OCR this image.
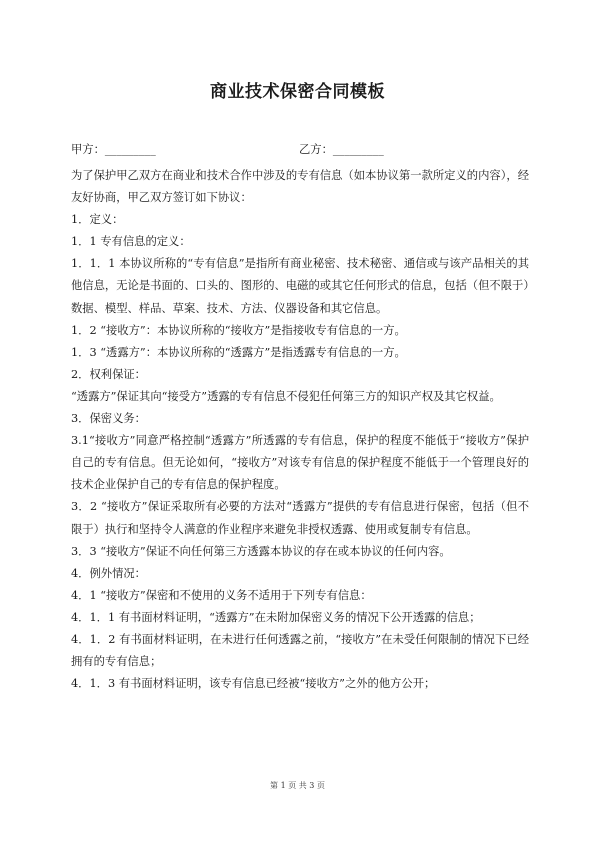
商业技术保密合同模板
甲方：_________	乙方：_________

为了保护甲乙双方在商业和技术合作中涉及的专有信息（如本协议第一款所定义的内容），经友好协商，甲乙双方签订如下协议：

1．定义：

1．1 专有信息的定义：

1．1．1 本协议所称的“专有信息”是指所有商业秘密、技术秘密、通信或与该产品相关的其他信息，无论是书面的、口头的、图形的、电磁的或其它任何形式的信息，包括（但不限于）数据、模型、样品、草案、技术、方法、仪器设备和其它信息。

1．2 “接收方”：本协议所称的“接收方”是指接收专有信息的一方。

1．3 “透露方”：本协议所称的“透露方”是指透露专有信息的一方。

2．权利保证：

“透露方”保证其向“接受方”透露的专有信息不侵犯任何第三方的知识产权及其它权益。

3．保密义务：

3.1“接收方”同意严格控制“透露方”所透露的专有信息，保护的程度不能低于“接收方”保护自己的专有信息。但无论如何，“接收方”对该专有信息的保护程度不能低于一个管理良好的技术企业保护自己的专有信息的保护程度。

3．2 “接收方”保证采取所有必要的方法对“透露方”提供的专有信息进行保密，包括（但不限于）执行和坚持令人满意的作业程序来避免非授权透露、使用或复制专有信息。

3．3 “接收方”保证不向任何第三方透露本协议的存在或本协议的任何内容。

4．例外情况：

4．1 “接收方”保密和不使用的义务不适用于下列专有信息：

4．1．1 有书面材料证明，“透露方”在未附加保密义务的情况下公开透露的信息；

4．1．2 有书面材料证明，在未进行任何透露之前，“接收方”在未受任何限制的情况下已经拥有的专有信息；

4．1．3 有书面材料证明，该专有信息已经被“接收方”之外的他方公开；

第 1 页 共 3 页
